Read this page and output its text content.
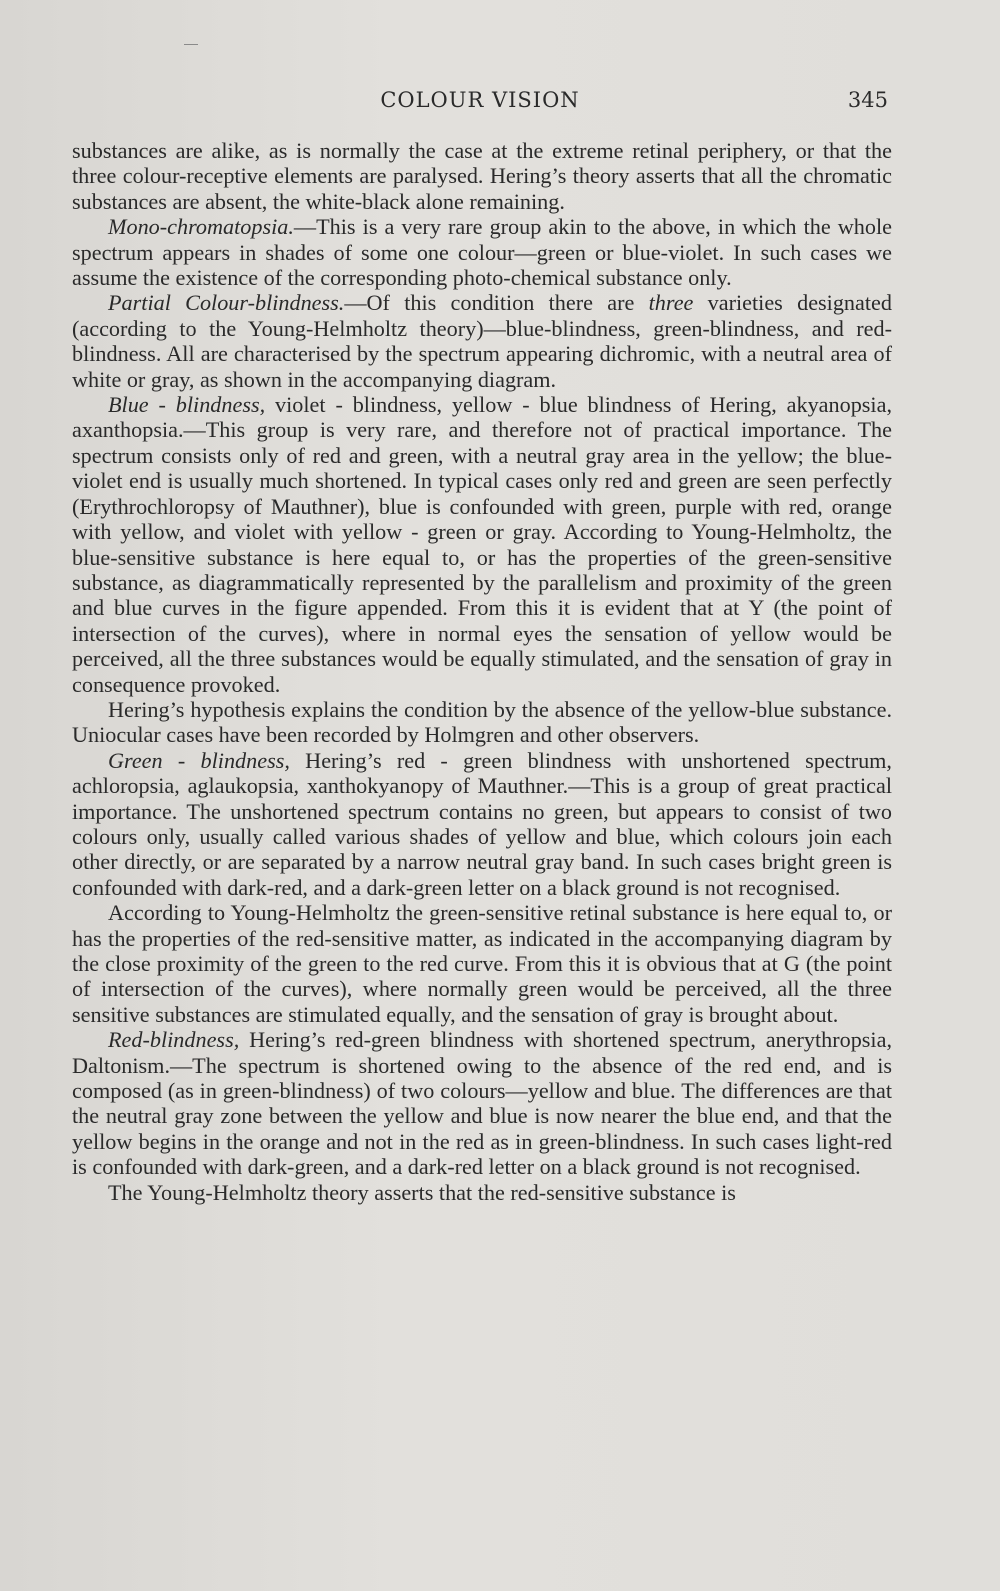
COLOUR VISION	345

substances are alike, as is normally the case at the extreme retinal periphery, or that the three colour-receptive elements are paralysed. Hering’s theory asserts that all the chromatic substances are absent, the white-black alone remaining.

Mono-chromatopsia.—This is a very rare group akin to the above, in which the whole spectrum appears in shades of some one colour—green or blue-violet. In such cases we assume the existence of the corresponding photo-chemical substance only.

Partial Colour-blindness.—Of this condition there are three varieties designated (according to the Young-Helmholtz theory)—blue-blindness, green-blindness, and red-blindness. All are characterised by the spectrum appearing dichromic, with a neutral area of white or gray, as shown in the accompanying diagram.

Blue - blindness, violet - blindness, yellow - blue blindness of Hering, akyanopsia, axanthopsia.—This group is very rare, and therefore not of practical importance. The spectrum consists only of red and green, with a neutral gray area in the yellow; the blue-violet end is usually much shortened. In typical cases only red and green are seen perfectly (Erythrochloropsy of Mauthner), blue is confounded with green, purple with red, orange with yellow, and violet with yellow - green or gray. According to Young-Helmholtz, the blue-sensitive substance is here equal to, or has the properties of the green-sensitive substance, as diagrammatically represented by the parallelism and proximity of the green and blue curves in the figure appended. From this it is evident that at Y (the point of intersection of the curves), where in normal eyes the sensation of yellow would be perceived, all the three substances would be equally stimulated, and the sensation of gray in consequence provoked.

Hering’s hypothesis explains the condition by the absence of the yellow-blue substance. Uniocular cases have been recorded by Holmgren and other observers.

Green - blindness, Hering’s red - green blindness with unshortened spectrum, achloropsia, aglaukopsia, xanthokyanopy of Mauthner.—This is a group of great practical importance. The unshortened spectrum contains no green, but appears to consist of two colours only, usually called various shades of yellow and blue, which colours join each other directly, or are separated by a narrow neutral gray band. In such cases bright green is confounded with dark-red, and a dark-green letter on a black ground is not recognised.

According to Young-Helmholtz the green-sensitive retinal substance is here equal to, or has the properties of the red-sensitive matter, as indicated in the accompanying diagram by the close proximity of the green to the red curve. From this it is obvious that at G (the point of intersection of the curves), where normally green would be perceived, all the three sensitive substances are stimulated equally, and the sensation of gray is brought about.

Red-blindness, Hering’s red-green blindness with shortened spectrum, anerythropsia, Daltonism.—The spectrum is shortened owing to the absence of the red end, and is composed (as in green-blindness) of two colours—yellow and blue. The differences are that the neutral gray zone between the yellow and blue is now nearer the blue end, and that the yellow begins in the orange and not in the red as in green-blindness. In such cases light-red is confounded with dark-green, and a dark-red letter on a black ground is not recognised.

The Young-Helmholtz theory asserts that the red-sensitive substance is
